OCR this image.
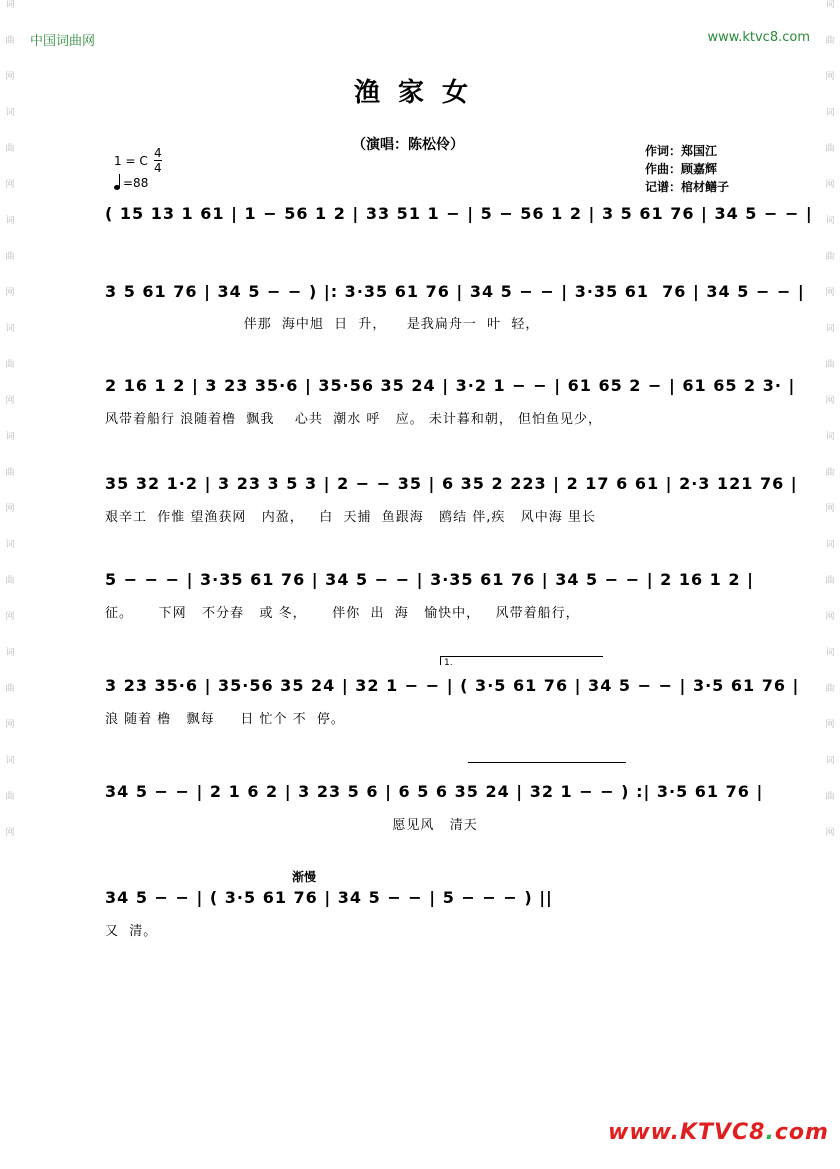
词
曲
网
词
曲
网
词
曲
网
词
曲
网
词
曲
网
词
曲
网
词
曲
网
词
曲
网
词
曲
网
词
曲
网
词
曲
网
词
曲
网
词
曲
网
词
曲
网
词
曲
网
词
曲
网
中国词曲网	www.ktvc8.com
渔家女
（演唱：陈松伶）	作词：郑国江
作曲：顾嘉辉
记谱：棺材鳝子
1 = C
4
4
=88
( 15 13 1 61 | 1 − 56 1 2 | 33 51 1 − | 5 − 56 1 2 | 3 5 61 76 | 34 5 − − |
3 5 61 76 | 34 5 − − ) |: 3·35 61 76 | 34 5 − − | 3·35 61  76 | 34 5 − − |
伴那  海中旭  日  升，    是我扁舟一  叶  轻，
2 16 1 2 | 3 23 35·6 | 35·56 35 24 | 3·2 1 − − | 61 65 2 − | 61 65 2 3· |
风带着船行 浪随着橹  飘我    心共  潮水 呼   应。 未计暮和朝， 但怕鱼见少，
35 32 1·2 | 3 23 3 5 3 | 2 − − 35 | 6 35 2 223 | 2 17 6 61 | 2·3 121 76 |
艰辛工  作惟 望渔获网   内盈，   白  天捕  鱼跟海   鸥结 伴,疾   风中海 里长
5 − − − | 3·35 61 76 | 34 5 − − | 3·35 61 76 | 34 5 − − | 2 16 1 2 |
征。     下网   不分春   或 冬，     伴你  出  海   愉快中，   风带着船行，
1.
3 23 35·6 | 35·56 35 24 | 32 1 − − | ( 3·5 61 76 | 34 5 − − | 3·5 61 76 |
浪 随着 橹   飘每     日 忙个 不  停。
34 5 − − | 2 1 6 2 | 3 23 5 6 | 6 5 6 35 24 | 32 1 − − ) :| 3·5 61 76 |
愿见风   清天
渐慢
34 5 − − | ( 3·5 61 76 | 34 5 − − | 5 − − − ) ||
又  清。
www.KTVC8.com
